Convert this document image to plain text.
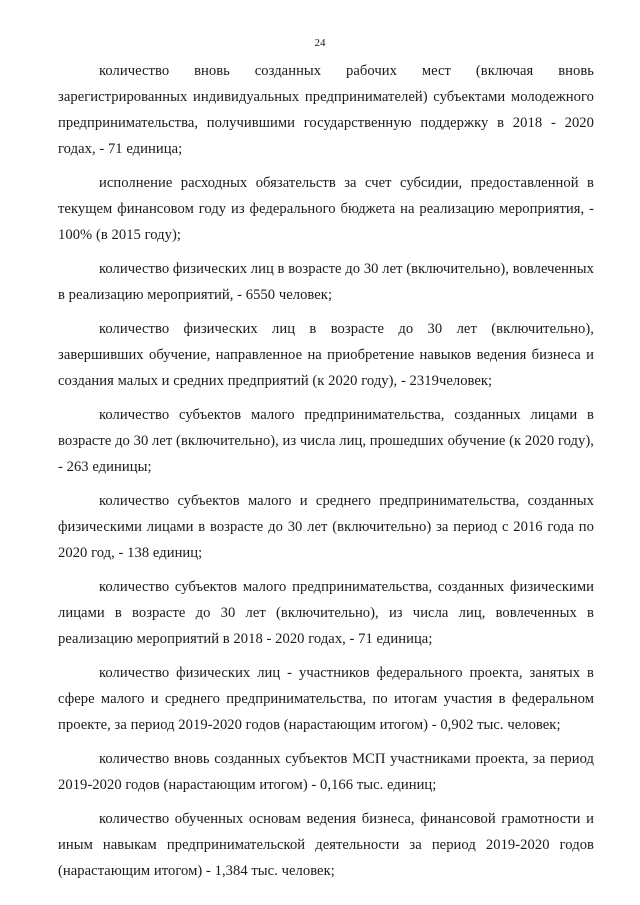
24

количество вновь созданных рабочих мест (включая вновь зарегистрированных индивидуальных предпринимателей) субъектами молодежного предпринимательства, получившими государственную поддержку в 2018 - 2020 годах, - 71 единица;

исполнение расходных обязательств за счет субсидии, предоставленной в текущем финансовом году из федерального бюджета на реализацию мероприятия, - 100% (в 2015 году);

количество физических лиц в возрасте до 30 лет (включительно), вовлеченных в реализацию мероприятий, - 6550 человек;

количество физических лиц в возрасте до 30 лет (включительно), завершивших обучение, направленное на приобретение навыков ведения бизнеса и создания малых и средних предприятий (к 2020 году), - 2319человек;

количество субъектов малого предпринимательства, созданных лицами в возрасте до 30 лет (включительно), из числа лиц, прошедших обучение (к 2020 году), - 263 единицы;

количество субъектов малого и среднего предпринимательства, созданных физическими лицами в возрасте до 30 лет (включительно) за период с 2016 года по 2020 год, - 138 единиц;

количество субъектов малого предпринимательства, созданных физическими лицами в возрасте до 30 лет (включительно), из числа лиц, вовлеченных в реализацию мероприятий в 2018 - 2020 годах, - 71 единица;

количество физических лиц - участников федерального проекта, занятых в сфере малого и среднего предпринимательства, по итогам участия в федеральном проекте, за период 2019-2020 годов (нарастающим итогом) - 0,902 тыс. человек;

количество вновь созданных субъектов МСП участниками проекта, за период 2019-2020 годов (нарастающим итогом) - 0,166 тыс. единиц;

количество обученных основам ведения бизнеса, финансовой грамотности и иным навыкам предпринимательской деятельности за период 2019-2020 годов (нарастающим итогом) - 1,384 тыс. человек;
